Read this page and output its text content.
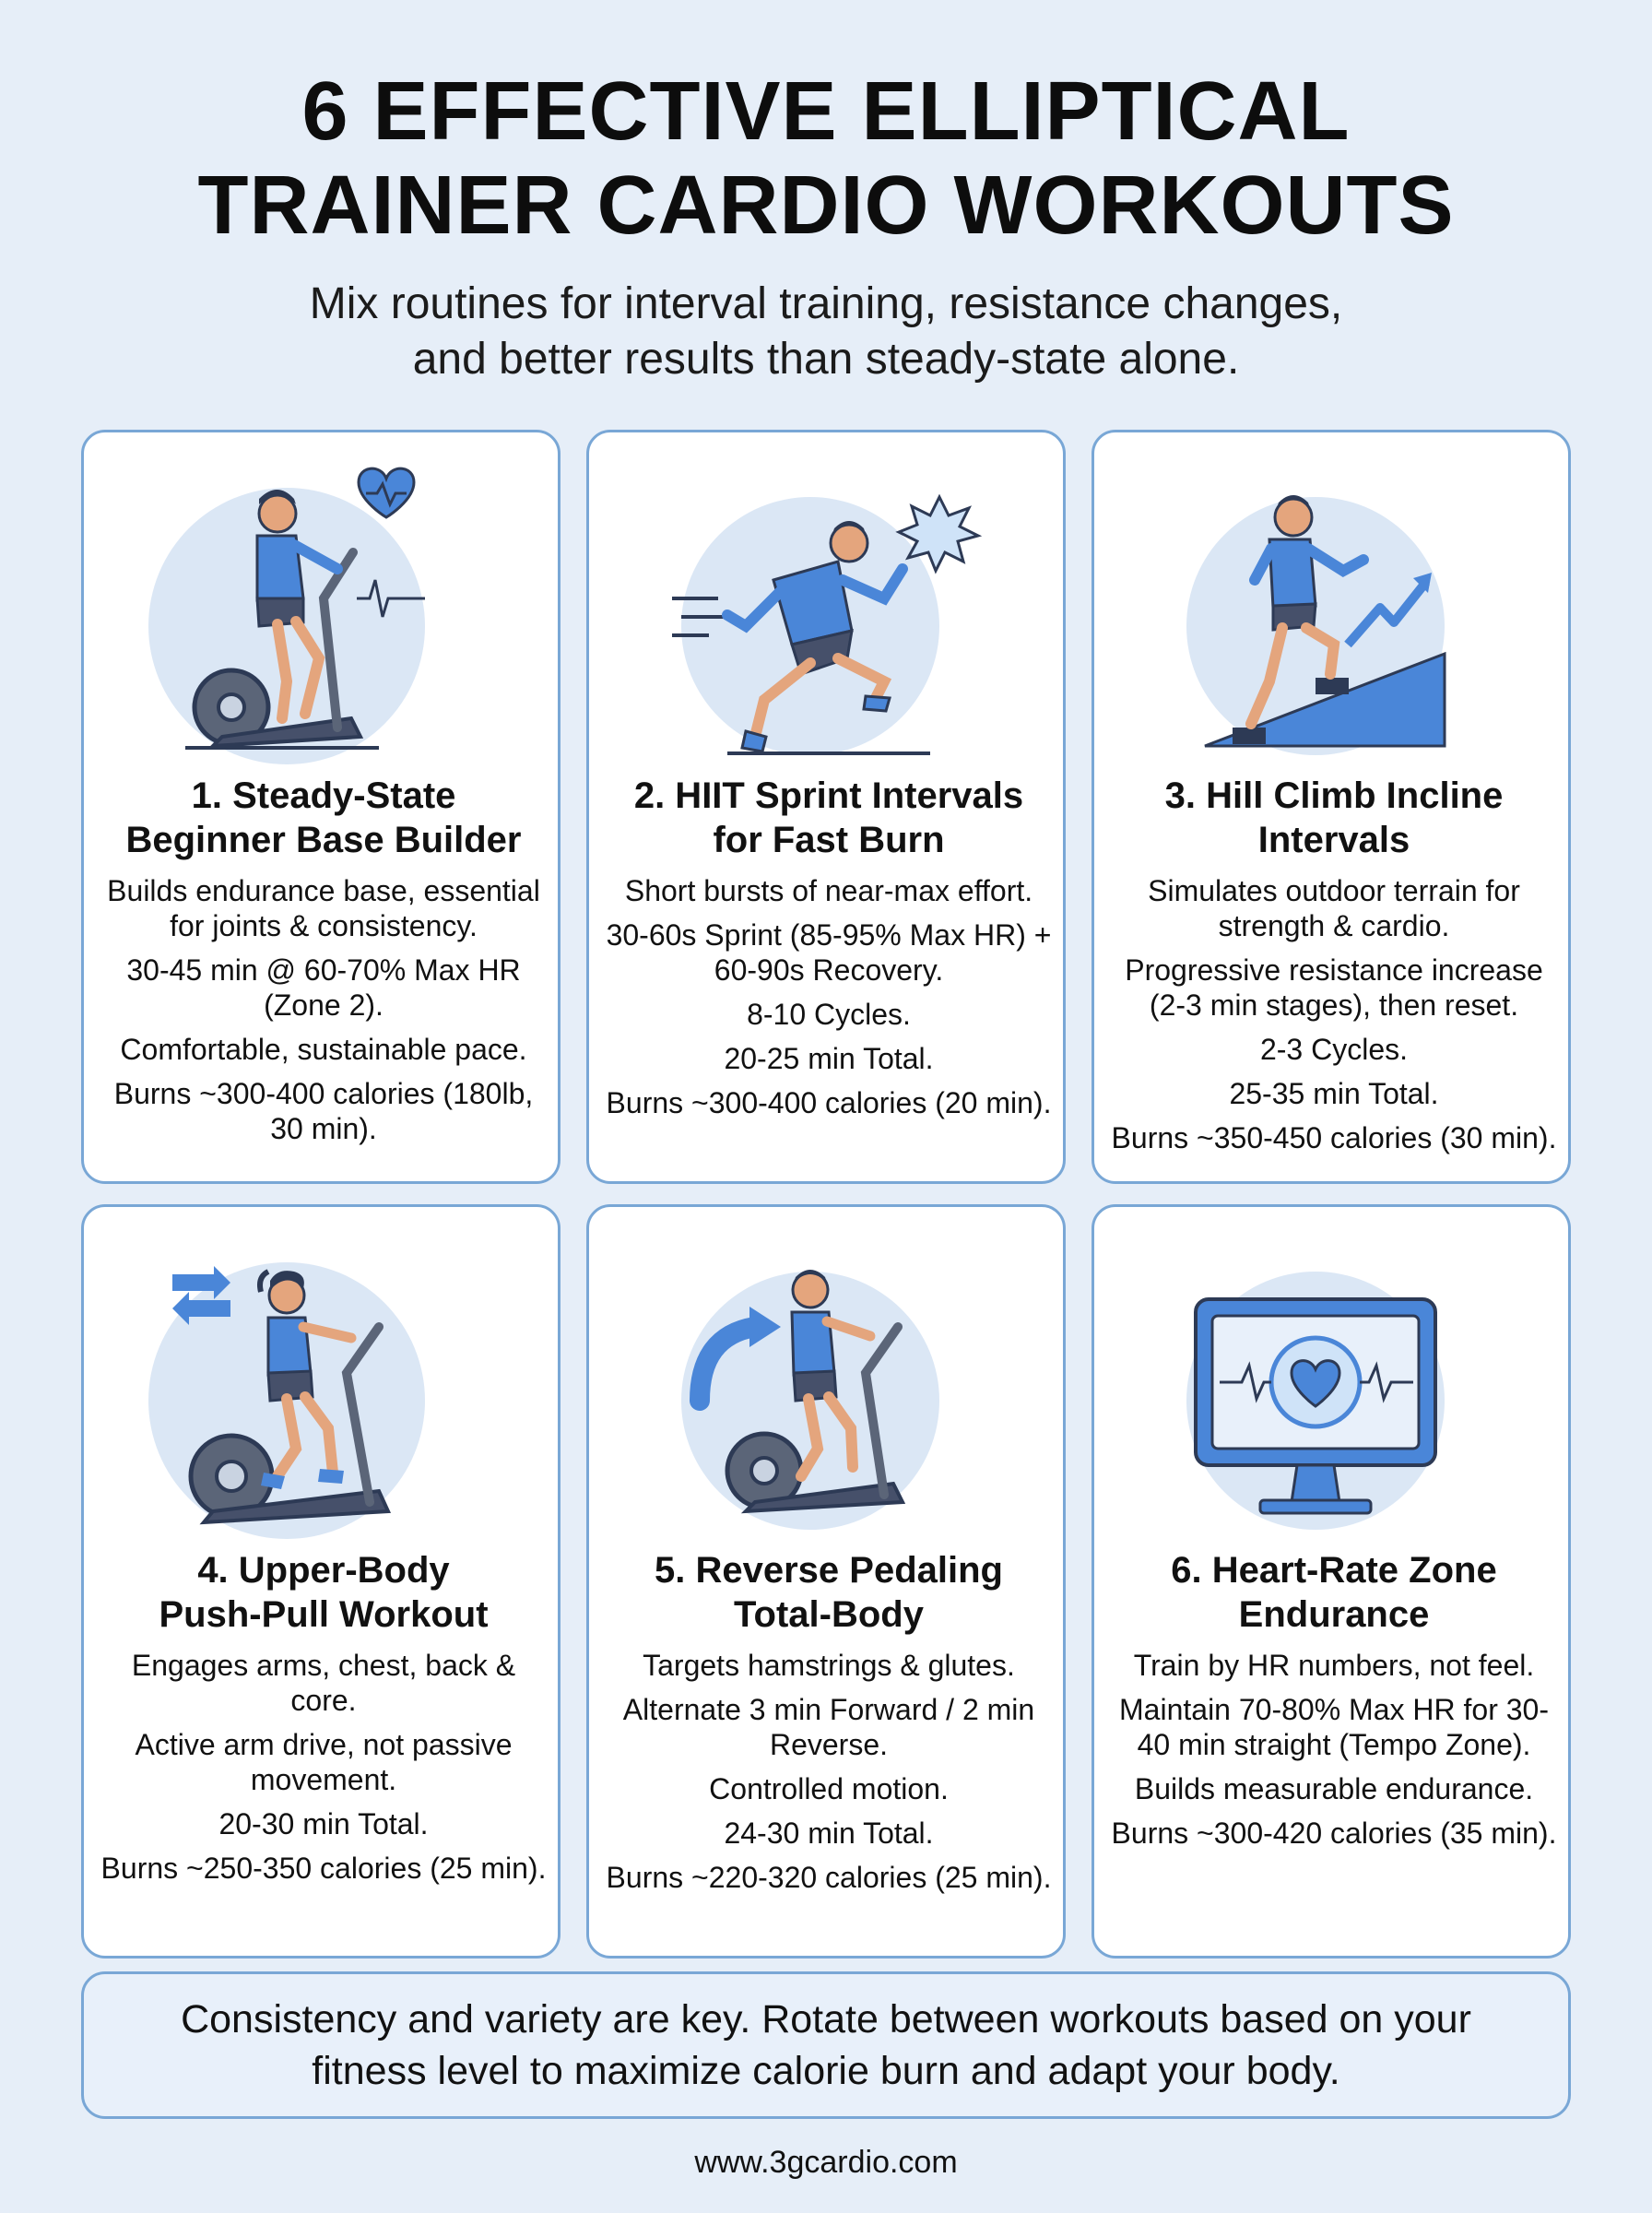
6 EFFECTIVE ELLIPTICAL
TRAINER CARDIO WORKOUTS
Mix routines for interval training, resistance changes,
and better results than steady-state alone.
1. Steady-State
Beginner Base Builder

Builds endurance base, essential for joints & consistency.

30-45 min @ 60-70% Max HR (Zone 2).

Comfortable, sustainable pace.

Burns ~300-400 calories (180lb, 30 min).

2. HIIT Sprint Intervals
for Fast Burn

Short bursts of near-max effort.

30-60s Sprint (85-95% Max HR) + 60-90s Recovery.

8-10 Cycles.

20-25 min Total.

Burns ~300-400 calories (20 min).

3. Hill Climb Incline
Intervals

Simulates outdoor terrain for strength & cardio.

Progressive resistance increase (2-3 min stages), then reset.

2-3 Cycles.

25-35 min Total.

Burns ~350-450 calories (30 min).

4. Upper-Body
Push-Pull Workout

Engages arms, chest, back & core.

Active arm drive, not passive movement.

20-30 min Total.

Burns ~250-350 calories (25 min).

5. Reverse Pedaling
Total-Body

Targets hamstrings & glutes.

Alternate 3 min Forward / 2 min Reverse.

Controlled motion.

24-30 min Total.

Burns ~220-320 calories (25 min).

6. Heart-Rate Zone
Endurance

Train by HR numbers, not feel.

Maintain 70-80% Max HR for 30-40 min straight (Tempo Zone).

Builds measurable endurance.

Burns ~300-420 calories (35 min).

Consistency and variety are key. Rotate between workouts based on your fitness level to maximize calorie burn and adapt your body.
www.3gcardio.com
